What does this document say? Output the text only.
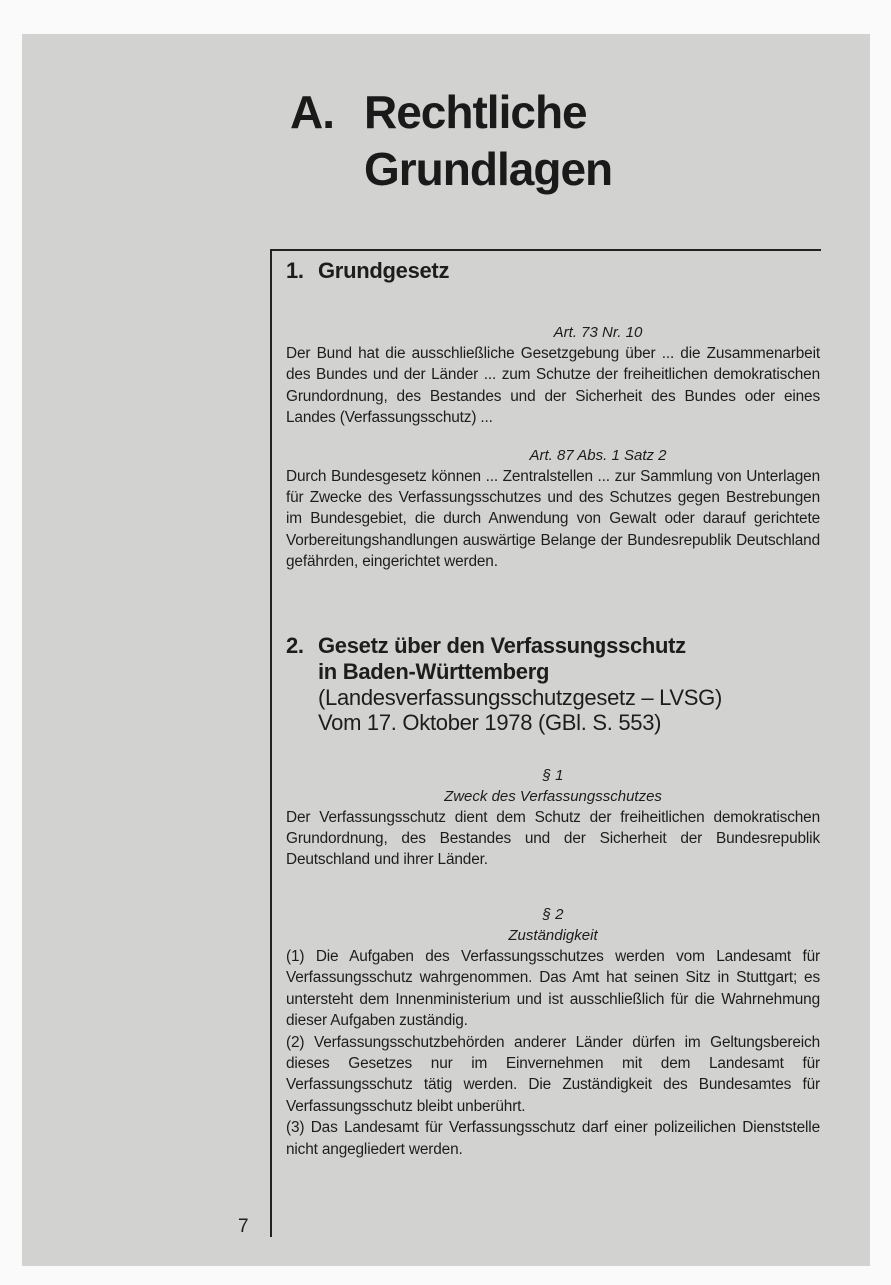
A. Rechtliche
Grundlagen
7
1. Grundgesetz
Art. 73 Nr. 10

Der Bund hat die ausschließliche Gesetzgebung über ... die Zusammenarbeit des Bundes und der Länder ... zum Schutze der freiheitlichen demokratischen Grundordnung, des Bestandes und der Sicherheit des Bundes oder eines Landes (Verfassungsschutz) ...

Art. 87 Abs. 1 Satz 2

Durch Bundesgesetz können ... Zentralstellen ... zur Sammlung von Unterlagen für Zwecke des Verfassungsschutzes und des Schutzes gegen Bestrebungen im Bundesgebiet, die durch Anwendung von Gewalt oder darauf gerichtete Vorbereitungshandlungen auswärtige Belange der Bundesrepublik Deutschland gefährden, eingerichtet werden.

2. Gesetz über den Verfassungsschutz
in Baden-Württemberg
(Landesverfassungsschutzgesetz – LVSG)
Vom 17. Oktober 1978 (GBl. S. 553)
§ 1
Zweck des Verfassungsschutzes

Der Verfassungsschutz dient dem Schutz der freiheitlichen demokratischen Grundordnung, des Bestandes und der Sicherheit der Bundesrepublik Deutschland und ihrer Länder.

§ 2
Zuständigkeit

(1) Die Aufgaben des Verfassungsschutzes werden vom Landesamt für Verfassungsschutz wahrgenommen. Das Amt hat seinen Sitz in Stuttgart; es untersteht dem Innenministerium und ist ausschließlich für die Wahrnehmung dieser Aufgaben zuständig.

(2) Verfassungsschutzbehörden anderer Länder dürfen im Geltungsbereich dieses Gesetzes nur im Einvernehmen mit dem Landesamt für Verfassungsschutz tätig werden. Die Zuständigkeit des Bundesamtes für Verfassungsschutz bleibt unberührt.

(3) Das Landesamt für Verfassungsschutz darf einer polizeilichen Dienststelle nicht angegliedert werden.
